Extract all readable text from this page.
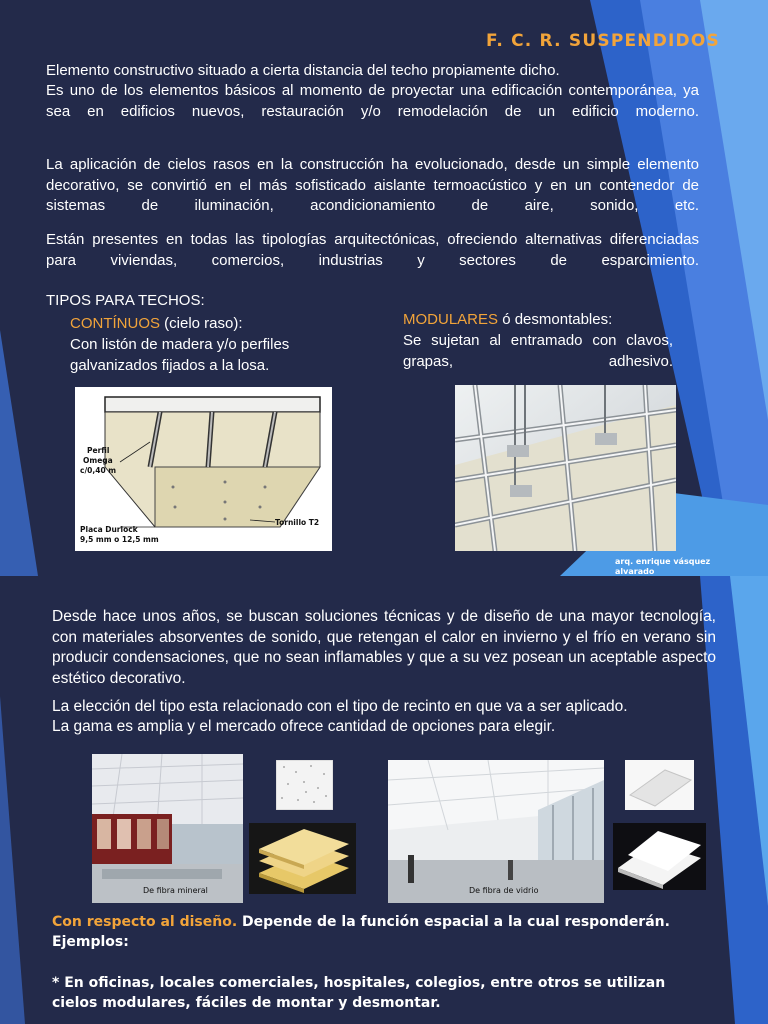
F. C. R. SUSPENDIDOS

Elemento constructivo situado a cierta distancia del techo propiamente dicho.

Es uno de los elementos básicos al momento de proyectar una edificación contemporánea, ya sea en edificios nuevos, restauración y/o remodelación de un edificio moderno.

La aplicación de cielos rasos en la construcción ha evolucionado, desde un simple elemento decorativo, se convirtió en el más sofisticado aislante termoacústico y en un contenedor de sistemas de iluminación, acondicionamiento de aire, sonido, etc.

Están presentes en todas las tipologías arquitectónicas, ofreciendo alternativas diferenciadas para viviendas, comercios, industrias y sectores de esparcimiento.

TIPOS PARA TECHOS:

CONTÍNUOS (cielo raso):

Con listón de madera y/o perfiles galvanizados fijados a la losa.

MODULARES ó desmontables:

Se sujetan al entramado con clavos, grapas, adhesivo.

Perfil
Omega
c/0,40 m
Placa Durlock
9,5 mm o 12,5 mm
Tornillo T2
arq. enrique vásquez
alvarado

Desde hace unos años, se buscan soluciones técnicas y de diseño de una mayor tecnología, con materiales absorventes de sonido, que retengan el calor en invierno y el frío en verano sin producir condensaciones, que no sean inflamables y que a su vez posean un aceptable aspecto estético decorativo.

La elección del tipo esta relacionado con el tipo de recinto en que va a ser aplicado.

La gama es amplia y el mercado ofrece cantidad de opciones para elegir.

De fibra mineral	De fibra de vidrio

Con respecto al diseño. Depende de la función espacial a la cual responderán.

Ejemplos:

* En oficinas, locales comerciales, hospitales, colegios, entre otros se utilizan cielos modulares, fáciles de montar y desmontar.
